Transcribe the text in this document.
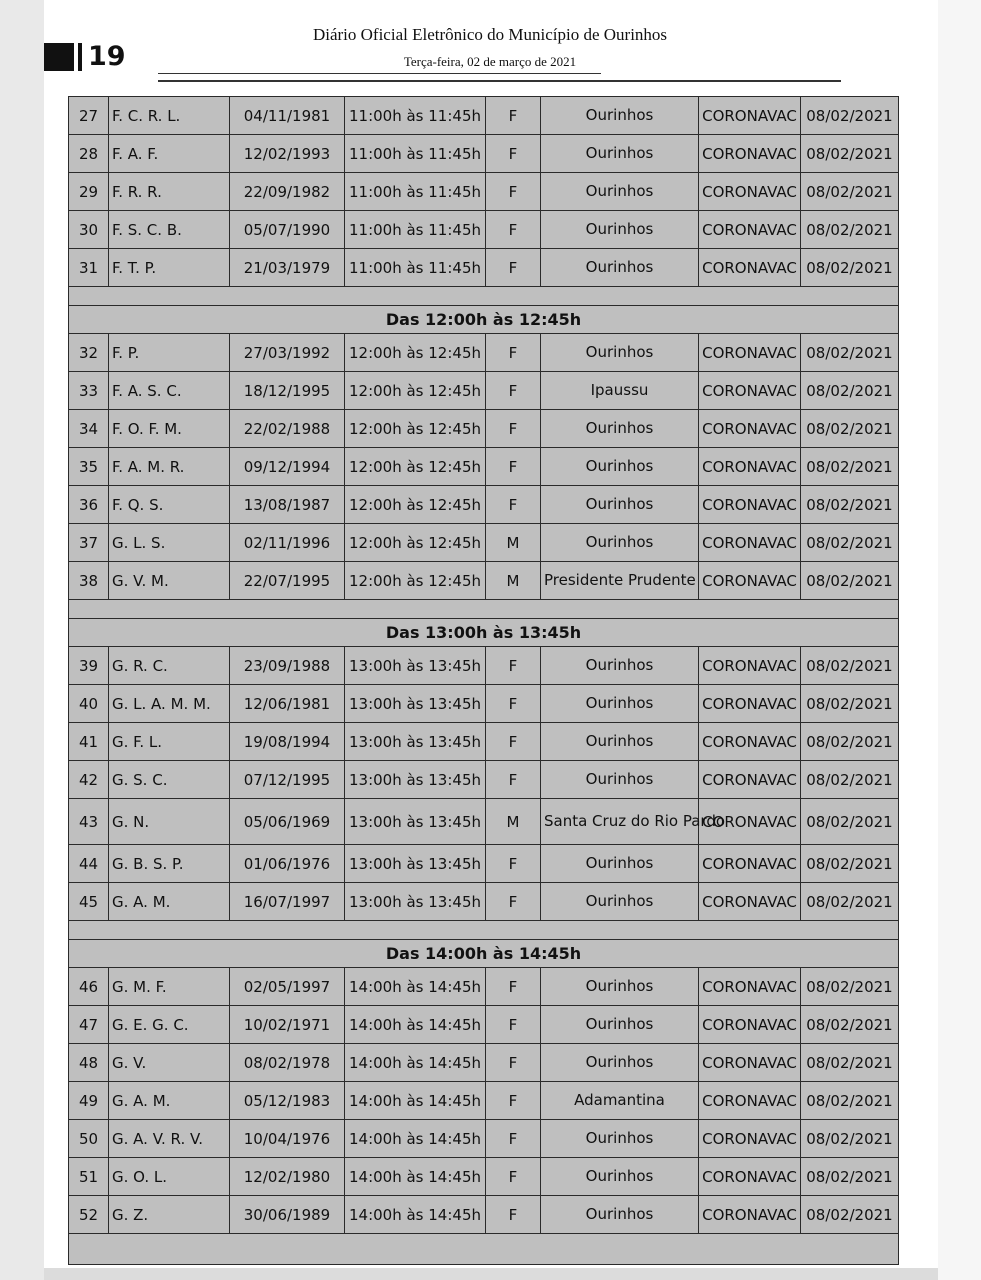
19
Diário Oficial Eletrônico do Município de Ourinhos
Terça-feira, 02 de março de 2021
27	F. C. R. L.	04/11/1981	11:00h às 11:45h	F	Ourinhos	CORONAVAC	08/02/2021
28	F. A. F.	12/02/1993	11:00h às 11:45h	F	Ourinhos	CORONAVAC	08/02/2021
29	F. R. R.	22/09/1982	11:00h às 11:45h	F	Ourinhos	CORONAVAC	08/02/2021
30	F. S. C. B.	05/07/1990	11:00h às 11:45h	F	Ourinhos	CORONAVAC	08/02/2021
31	F. T. P.	21/03/1979	11:00h às 11:45h	F	Ourinhos	CORONAVAC	08/02/2021

Das 12:00h às 12:45h							
32	F. P.	27/03/1992	12:00h às 12:45h	F	Ourinhos	CORONAVAC	08/02/2021
33	F. A. S. C.	18/12/1995	12:00h às 12:45h	F	Ipaussu	CORONAVAC	08/02/2021
34	F. O. F. M.	22/02/1988	12:00h às 12:45h	F	Ourinhos	CORONAVAC	08/02/2021
35	F. A. M. R.	09/12/1994	12:00h às 12:45h	F	Ourinhos	CORONAVAC	08/02/2021
36	F. Q. S.	13/08/1987	12:00h às 12:45h	F	Ourinhos	CORONAVAC	08/02/2021
37	G. L. S.	02/11/1996	12:00h às 12:45h	M	Ourinhos	CORONAVAC	08/02/2021
38	G. V. M.	22/07/1995	12:00h às 12:45h	M	Presidente Prudente	CORONAVAC	08/02/2021

Das 13:00h às 13:45h							
39	G. R. C.	23/09/1988	13:00h às 13:45h	F	Ourinhos	CORONAVAC	08/02/2021
40	G. L. A. M. M.	12/06/1981	13:00h às 13:45h	F	Ourinhos	CORONAVAC	08/02/2021
41	G. F. L.	19/08/1994	13:00h às 13:45h	F	Ourinhos	CORONAVAC	08/02/2021
42	G. S. C.	07/12/1995	13:00h às 13:45h	F	Ourinhos	CORONAVAC	08/02/2021
43	G. N.	05/06/1969	13:00h às 13:45h	M	Santa Cruz do Rio Pardo	CORONAVAC	08/02/2021
44	G. B. S. P.	01/06/1976	13:00h às 13:45h	F	Ourinhos	CORONAVAC	08/02/2021
45	G. A. M.	16/07/1997	13:00h às 13:45h	F	Ourinhos	CORONAVAC	08/02/2021

Das 14:00h às 14:45h							
46	G. M. F.	02/05/1997	14:00h às 14:45h	F	Ourinhos	CORONAVAC	08/02/2021
47	G. E. G. C.	10/02/1971	14:00h às 14:45h	F	Ourinhos	CORONAVAC	08/02/2021
48	G. V.	08/02/1978	14:00h às 14:45h	F	Ourinhos	CORONAVAC	08/02/2021
49	G. A. M.	05/12/1983	14:00h às 14:45h	F	Adamantina	CORONAVAC	08/02/2021
50	G. A. V. R. V.	10/04/1976	14:00h às 14:45h	F	Ourinhos	CORONAVAC	08/02/2021
51	G. O. L.	12/02/1980	14:00h às 14:45h	F	Ourinhos	CORONAVAC	08/02/2021
52	G. Z.	30/06/1989	14:00h às 14:45h	F	Ourinhos	CORONAVAC	08/02/2021
